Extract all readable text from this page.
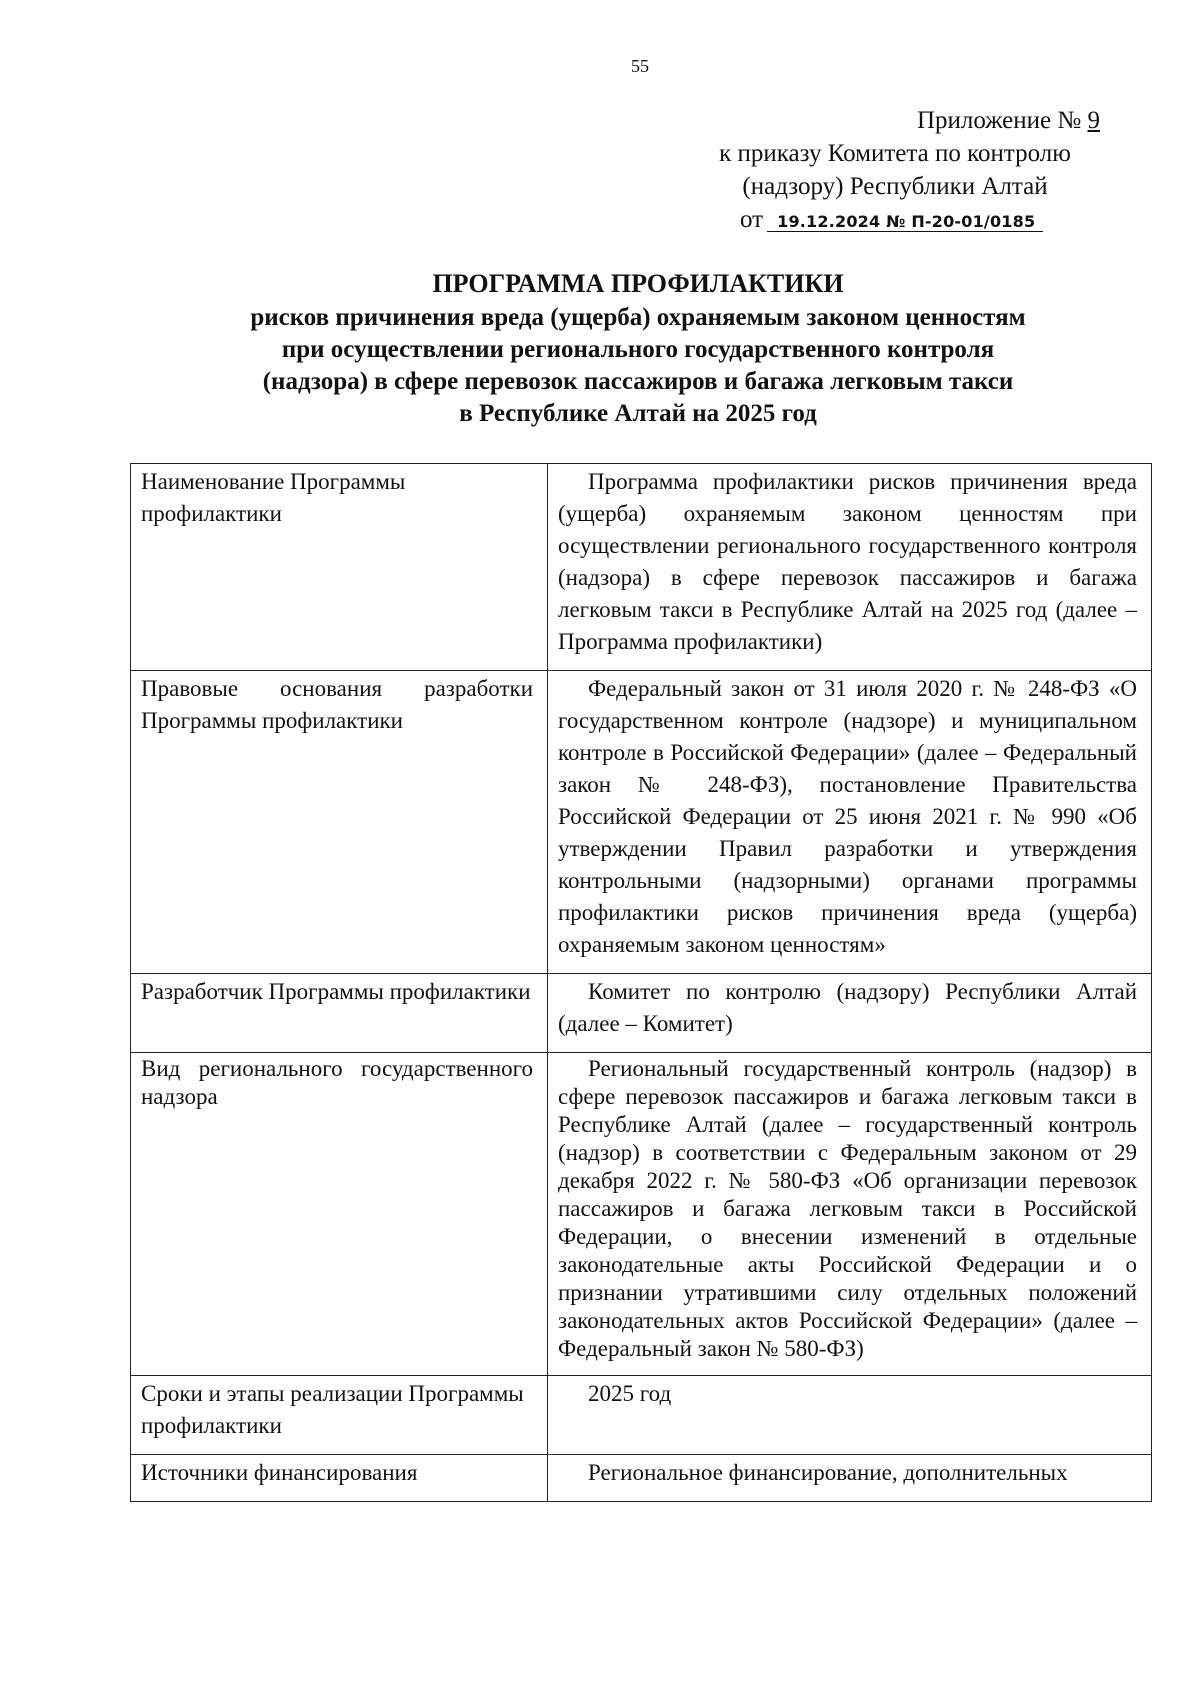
55
Приложение № 9
к приказу Комитета по контролю
(надзору) Республики Алтай
от 19.12.2024 № П-20-01/0185
ПРОГРАММА ПРОФИЛАКТИКИ
рисков причинения вреда (ущерба) охраняемым законом ценностям
при осуществлении регионального государственного контроля
(надзора) в сфере перевозок пассажиров и багажа легковым такси
в Республике Алтай на 2025 год
Наименование Программы профилактики	Программа профилактики рисков причинения вреда (ущерба) охраняемым законом ценностям при осуществлении регионального государственного контроля (надзора) в сфере перевозок пассажиров и багажа легковым такси в Республике Алтай на 2025 год (далее – Программа профилактики)
Правовые основания разработки Программы профилактики	Федеральный закон от 31 июля 2020 г. № 248-ФЗ «О государственном контроле (надзоре) и муниципальном контроле в Российской Федерации» (далее – Федеральный закон № 248-ФЗ), постановление Правительства Российской Федерации от 25 июня 2021 г. № 990 «Об утверждении Правил разработки и утверждения контрольными (надзорными) органами программы профилактики рисков причинения вреда (ущерба) охраняемым законом ценностям»
Разработчик Программы профилактики	Комитет по контролю (надзору) Республики Алтай (далее – Комитет)
Вид регионального государственного надзора	Региональный государственный контроль (надзор) в сфере перевозок пассажиров и багажа легковым такси в Республике Алтай (далее – государственный контроль (надзор) в соответствии с Федеральным законом от 29 декабря 2022 г. № 580-ФЗ «Об организации перевозок пассажиров и багажа легковым такси в Российской Федерации, о внесении изменений в отдельные законодательные акты Российской Федерации и о признании утратившими силу отдельных положений законодательных актов Российской Федерации» (далее – Федеральный закон № 580-ФЗ)
Сроки и этапы реализации Программы профилактики	2025 год
Источники финансирования	Региональное финансирование, дополнительных
